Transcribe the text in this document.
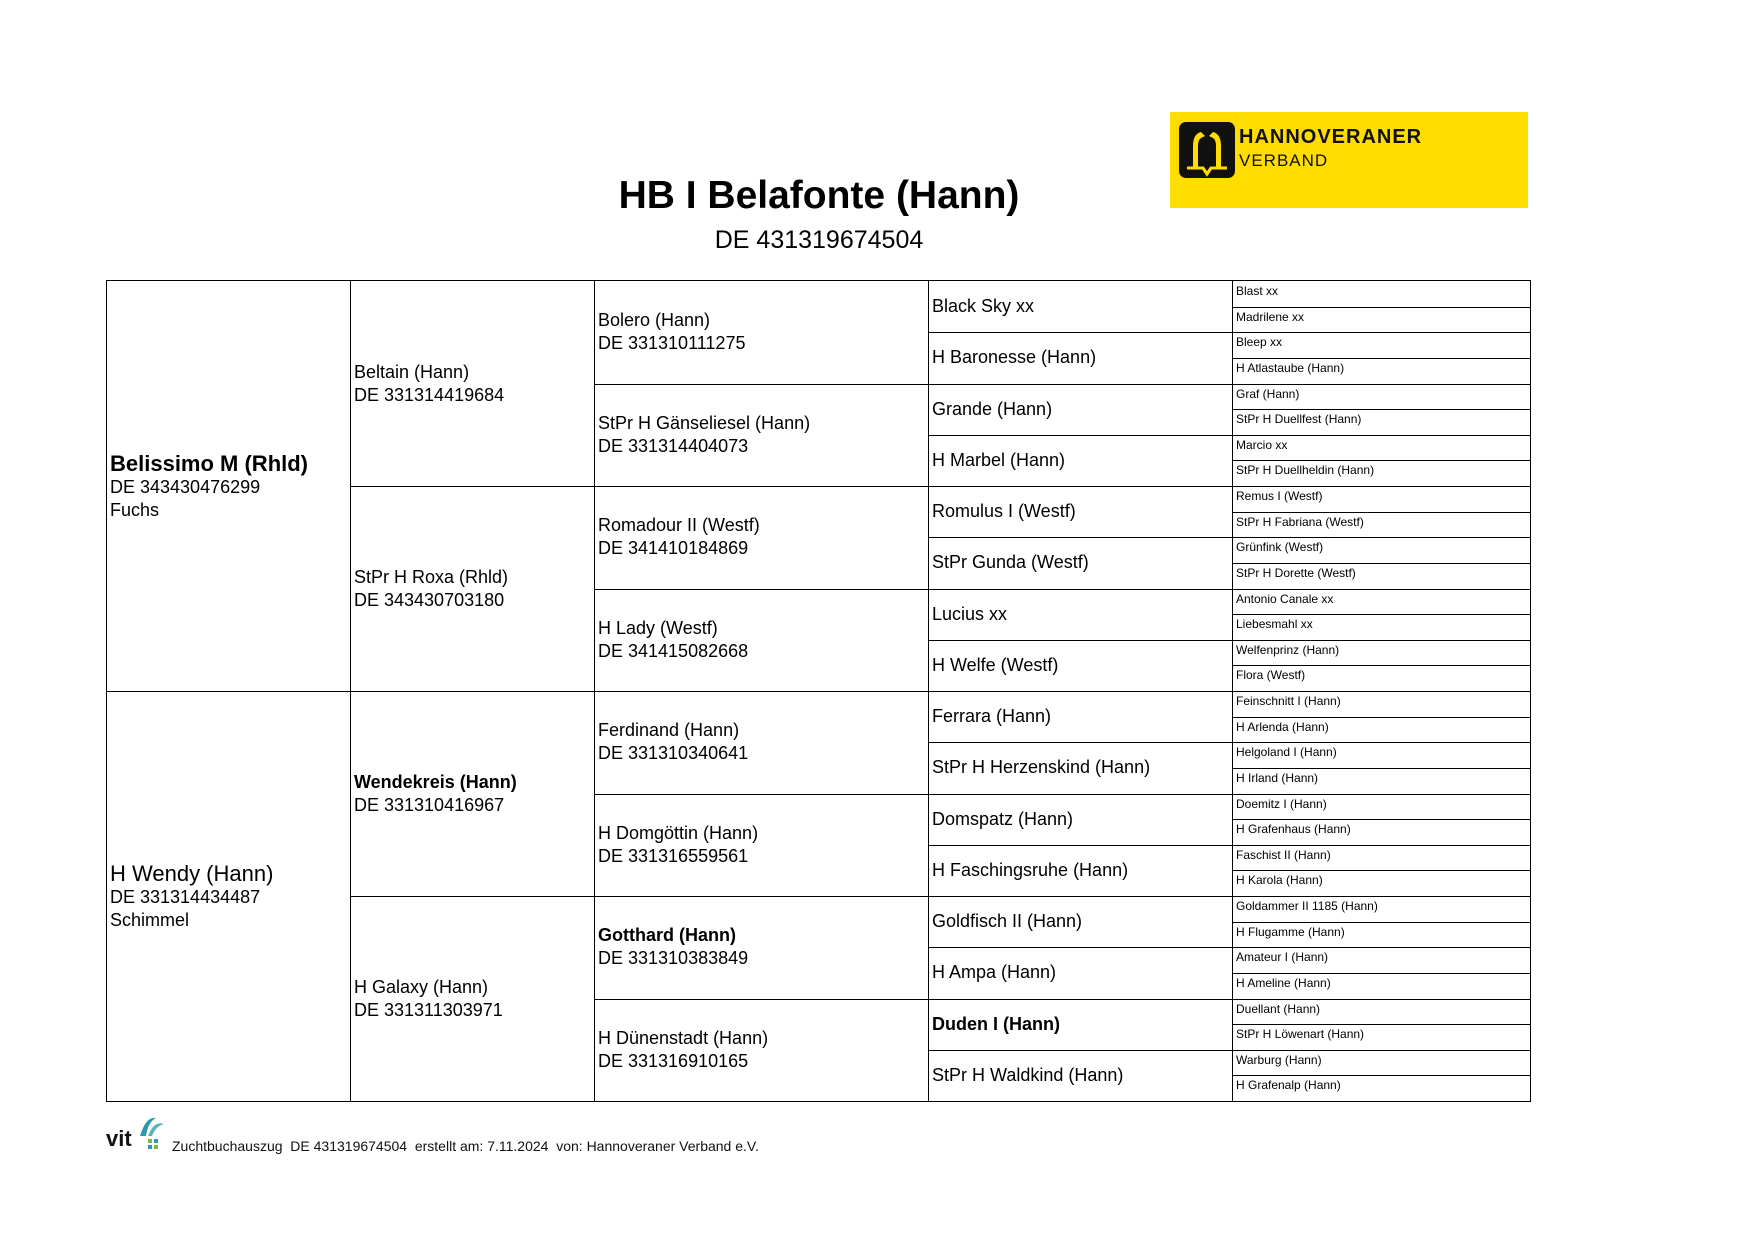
HANNOVERANER
VERBAND
HB I Belafonte (Hann)
DE 431319674504
Belissimo M (Rhld)
DE 343430476299
Fuchs
Beltain (Hann)
DE 331314419684
Bolero (Hann)
DE 331310111275
Black Sky xx
Blast xx
Madrilene xx
H Baronesse (Hann)
Bleep xx
H Atlastaube (Hann)
StPr H Gänseliesel (Hann)
DE 331314404073
Grande (Hann)
Graf (Hann)
StPr H Duellfest (Hann)
H Marbel (Hann)
Marcio xx
StPr H Duellheldin (Hann)
StPr H Roxa (Rhld)
DE 343430703180
Romadour II (Westf)
DE 341410184869
Romulus I (Westf)
Remus I (Westf)
StPr H Fabriana (Westf)
StPr Gunda (Westf)
Grünfink (Westf)
StPr H Dorette (Westf)
H Lady (Westf)
DE 341415082668
Lucius xx
Antonio Canale xx
Liebesmahl xx
H Welfe (Westf)
Welfenprinz (Hann)
Flora (Westf)
H Wendy (Hann)
DE 331314434487
Schimmel
Wendekreis (Hann)
DE 331310416967
Ferdinand (Hann)
DE 331310340641
Ferrara (Hann)
Feinschnitt I (Hann)
H Arlenda (Hann)
StPr H Herzenskind (Hann)
Helgoland I (Hann)
H Irland (Hann)
H Domgöttin (Hann)
DE 331316559561
Domspatz (Hann)
Doemitz I (Hann)
H Grafenhaus (Hann)
H Faschingsruhe (Hann)
Faschist II (Hann)
H Karola (Hann)
H Galaxy (Hann)
DE 331311303971
Gotthard (Hann)
DE 331310383849
Goldfisch II (Hann)
Goldammer II 1185 (Hann)
H Flugamme (Hann)
H Ampa (Hann)
Amateur I (Hann)
H Ameline (Hann)
H Dünenstadt (Hann)
DE 331316910165
Duden I (Hann)
Duellant (Hann)
StPr H Löwenart (Hann)
StPr H Waldkind (Hann)
Warburg (Hann)
H Grafenalp (Hann)
vit	Zuchtbuchauszug  DE 431319674504  erstellt am: 7.11.2024  von: Hannoveraner Verband e.V.
